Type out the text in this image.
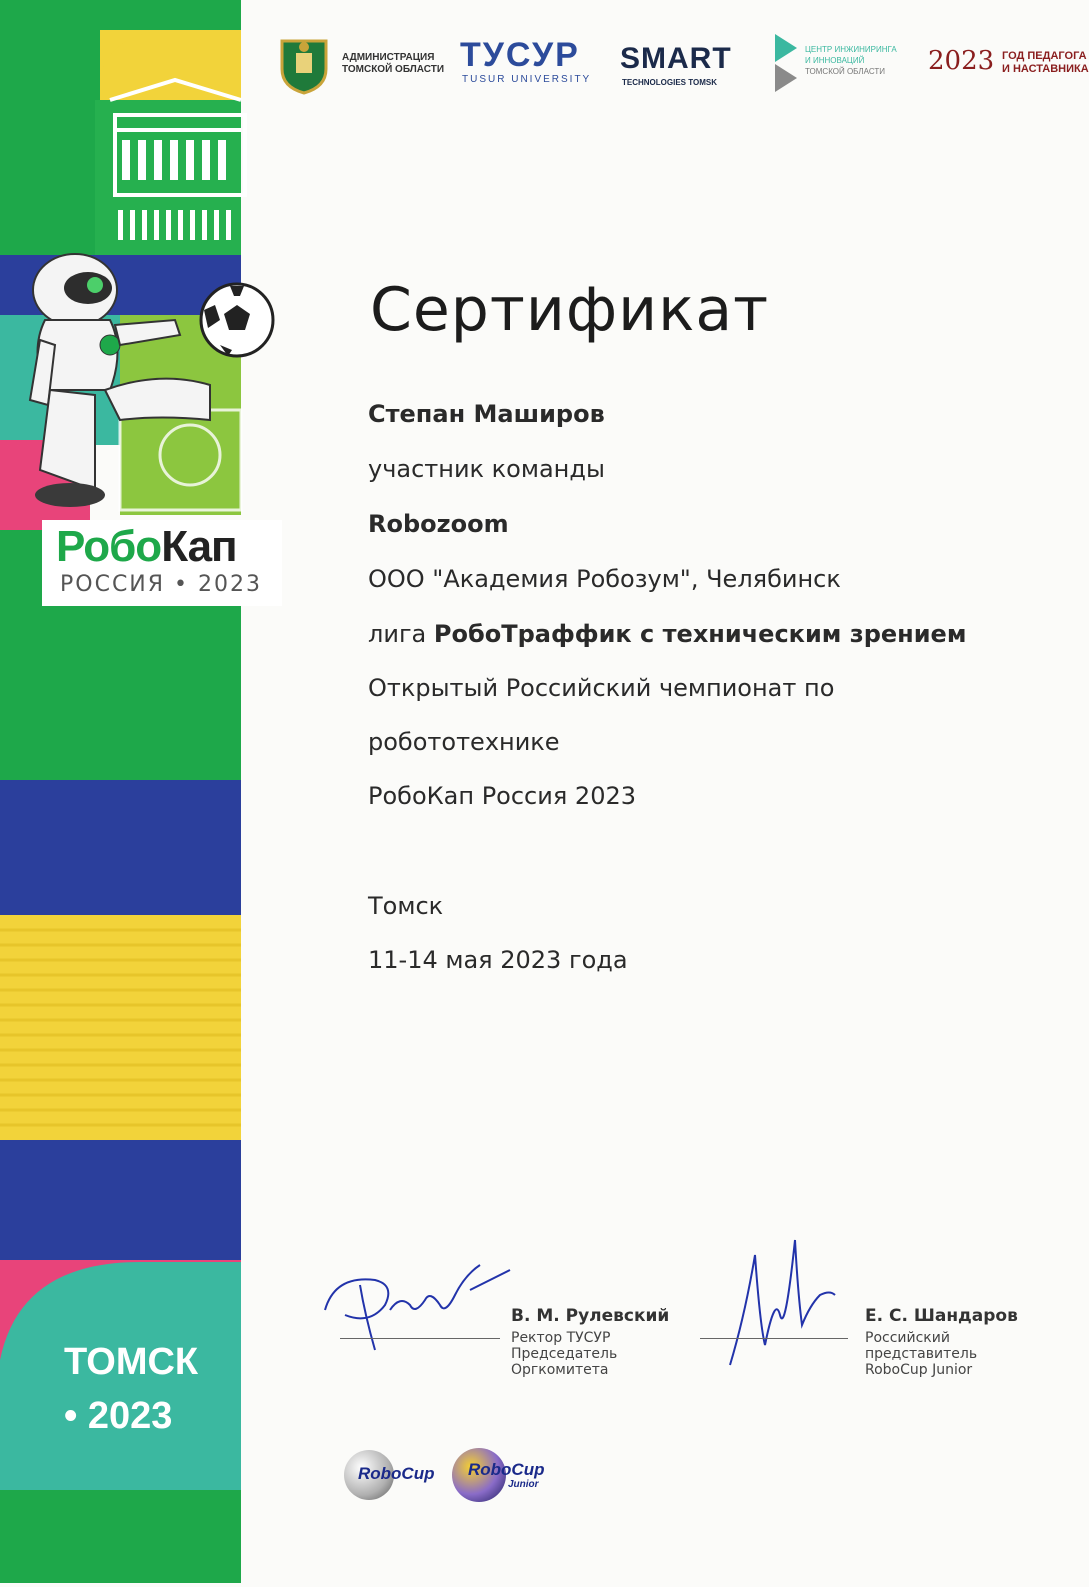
РобоКап
РОССИЯ • 2023
ТОМСК
• 2023
АДМИНИСТРАЦИЯ
ТОМСКОЙ ОБЛАСТИ ТУСУР
TUSUR UNIVERSITY
SMART
TECHNOLOGIES TOMSK
ЦЕНТР ИНЖИНИРИНГА
И ИННОВАЦИЙ
ТОМСКОЙ ОБЛАСТИ	2023 ГОД ПЕДАГОГА
И НАСТАВНИКА
Сертификат
Степан Маширов
участник команды
Robozoom
ООО "Академия Робозум", Челябинск
лига РобоТраффик с техническим зрением
Открытый Российский чемпионат по
робототехнике
РобоКап Россия 2023
Томск
11-14 мая 2023 года
В. М. Рулевский
Ректор ТУСУР
Председатель
Оргкомитета
Е. С. Шандаров
Российский
представитель
RoboCup Junior
RoboCup RoboCup
Junior
